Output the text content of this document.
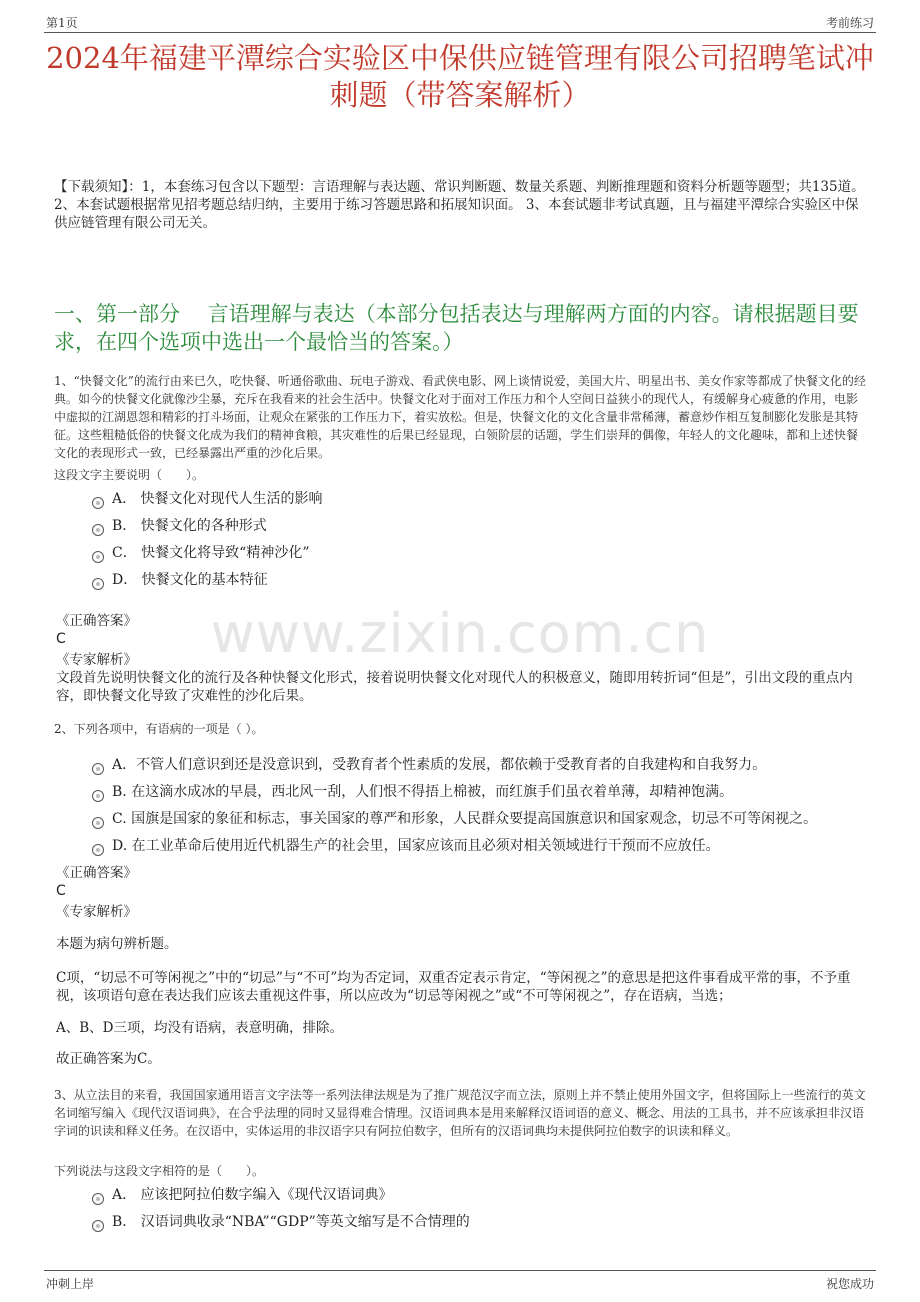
第1页	考前练习
2024年福建平潭综合实验区中保供应链管理有限公司招聘笔试冲刺题（带答案解析）
【下载须知】：1，本套练习包含以下题型：言语理解与表达题、常识判断题、数量关系题、判断推理题和资料分析题等题型；共135道。 2、本套试题根据常见招考题总结归纳，主要用于练习答题思路和拓展知识面。 3、本套试题非考试真题，且与福建平潭综合实验区中保供应链管理有限公司无关。
一、第一部分　 言语理解与表达（本部分包括表达与理解两方面的内容。请根据题目要求，在四个选项中选出一个最恰当的答案。）
1、“快餐文化”的流行由来已久，吃快餐、听通俗歌曲、玩电子游戏、看武侠电影、网上谈情说爱，美国大片、明星出书、美女作家等都成了快餐文化的经典。如今的快餐文化就像沙尘暴，充斥在我看来的社会生活中。快餐文化对于面对工作压力和个人空间日益狭小的现代人，有缓解身心疲惫的作用，电影中虚拟的江湖恩怨和精彩的打斗场面，让观众在紧张的工作压力下，着实放松。但是，快餐文化的文化含量非常稀薄，蓄意炒作相互复制膨化发胀是其特征。这些粗糙低俗的快餐文化成为我们的精神食粮，其灾难性的后果已经显现，白领阶层的话题，学生们崇拜的偶像，年轻人的文化趣味，都和上述快餐文化的表现形式一致，已经暴露出严重的沙化后果。
这段文字主要说明（　　）。
A． 快餐文化对现代人生活的影响
B． 快餐文化的各种形式
C． 快餐文化将导致“精神沙化”
D． 快餐文化的基本特征
《正确答案》
C
《专家解析》
文段首先说明快餐文化的流行及各种快餐文化形式，接着说明快餐文化对现代人的积极意义，随即用转折词“但是”，引出文段的重点内容，即快餐文化导致了灾难性的沙化后果。
2、下列各项中，有语病的一项是（ ）。
A．不管人们意识到还是没意识到，受教育者个性素质的发展，都依赖于受教育者的自我建构和自我努力。
B. 在这滴水成冰的早晨，西北风一刮，人们恨不得捂上棉被，而红旗手们虽衣着单薄，却精神饱满。
C. 国旗是国家的象征和标志，事关国家的尊严和形象，人民群众要提高国旗意识和国家观念，切忌不可等闲视之。
D. 在工业革命后使用近代机器生产的社会里，国家应该而且必须对相关领域进行干预而不应放任。
《正确答案》
C
《专家解析》
本题为病句辨析题。
C项，“切忌不可等闲视之”中的“切忌”与“不可”均为否定词，双重否定表示肯定，“等闲视之”的意思是把这件事看成平常的事，不予重视，该项语句意在表达我们应该去重视这件事，所以应改为“切忌等闲视之”或“不可等闲视之”，存在语病，当选；
A、B、D三项，均没有语病，表意明确，排除。
故正确答案为C。
3、从立法目的来看，我国国家通用语言文字法等一系列法律法规是为了推广规范汉字而立法，原则上并不禁止使用外国文字，但将国际上一些流行的英文名词缩写编入《现代汉语词典》，在合乎法理的同时又显得难合情理。汉语词典本是用来解释汉语词语的意义、概念、用法的工具书，并不应该承担非汉语字词的识读和释义任务。在汉语中，实体运用的非汉语字只有阿拉伯数字，但所有的汉语词典均未提供阿拉伯数字的识读和释义。
下列说法与这段文字相符的是（　　）。
A． 应该把阿拉伯数字编入《现代汉语词典》
B． 汉语词典收录“NBA”“GDP”等英文缩写是不合情理的
www.zixin.com.cn
冲刺上岸	祝您成功
